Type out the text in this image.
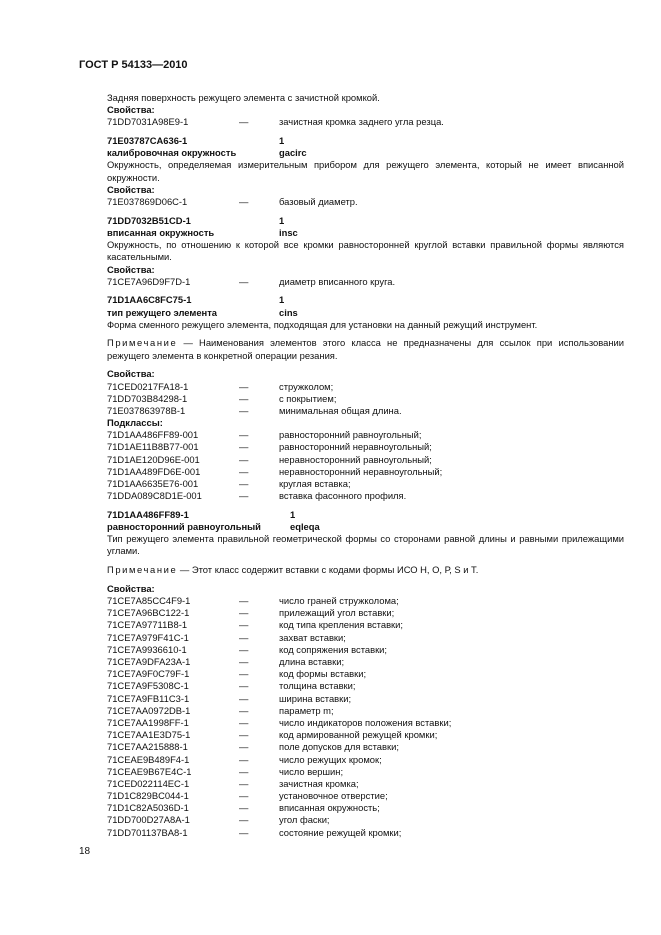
ГОСТ Р 54133—2010
Задняя поверхность режущего элемента с зачистной кромкой.
Свойства:
71DD7031A98E9-1	—	зачистная кромка заднего угла резца.
71E03787CA636-1	1
калибровочная окружность	gacirc
Окружность, определяемая измерительным прибором для режущего элемента, который не имеет вписанной окружности.
Свойства:
71E037869D06C-1	—	базовый диаметр.
71DD7032B51CD-1	1
вписанная окружность	insc
Окружность, по отношению к которой все кромки равносторонней круглой вставки правильной формы являются касательными.
Свойства:
71CE7A96D9F7D-1	—	диаметр вписанного круга.
71D1AA6C8FC75-1	1
тип режущего элемента	cins
Форма сменного режущего элемента, подходящая для установки на данный режущий инструмент.
Примечание — Наименования элементов этого класса не предназначены для ссылок при использовании режущего элемента в конкретной операции резания.
Свойства:
71CED0217FA18-1	—	стружколом;
71DD703B84298-1	—	с покрытием;
71E037863978B-1	—	минимальная общая длина.
Подклассы:
71D1AA486FF89-001	—	равносторонний равноугольный;
71D1AE11B8B77-001	—	равносторонний неравноугольный;
71D1AE120D96E-001	—	неравносторонний равноугольный;
71D1AA489FD6E-001	—	неравносторонний неравноугольный;
71D1AA6635E76-001	—	круглая вставка;
71DDA089C8D1E-001	—	вставка фасонного профиля.
71D1AA486FF89-1	1
равносторонний равноугольный	eqleqa
Тип режущего элемента правильной геометрической формы со сторонами равной длины и равными прилежащими углами.
Примечание — Этот класс содержит вставки с кодами формы ИСО Н, О, Р, S и Т.
Свойства:
71CE7A85CC4F9-1	—	число граней стружколома;
71CE7A96BC122-1	—	прилежащий угол вставки;
71CE7A97711B8-1	—	код типа крепления вставки;
71CE7A979F41C-1	—	захват вставки;
71CE7A9936610-1	—	код сопряжения вставки;
71CE7A9DFA23A-1	—	длина вставки;
71CE7A9F0C79F-1	—	код формы вставки;
71CE7A9F5308C-1	—	толщина вставки;
71CE7A9FB11C3-1	—	ширина вставки;
71CE7AA0972DB-1	—	параметр m;
71CE7AA1998FF-1	—	число индикаторов положения вставки;
71CE7AA1E3D75-1	—	код армированной режущей кромки;
71CE7AA215888-1	—	поле допусков для вставки;
71CEAE9B489F4-1	—	число режущих кромок;
71CEAE9B67E4C-1	—	число вершин;
71CED022114EC-1	—	зачистная кромка;
71D1C829BC044-1	—	установочное отверстие;
71D1C82A5036D-1	—	вписанная окружность;
71DD700D27A8A-1	—	угол фаски;
71DD701137BA8-1	—	состояние режущей кромки;
18
